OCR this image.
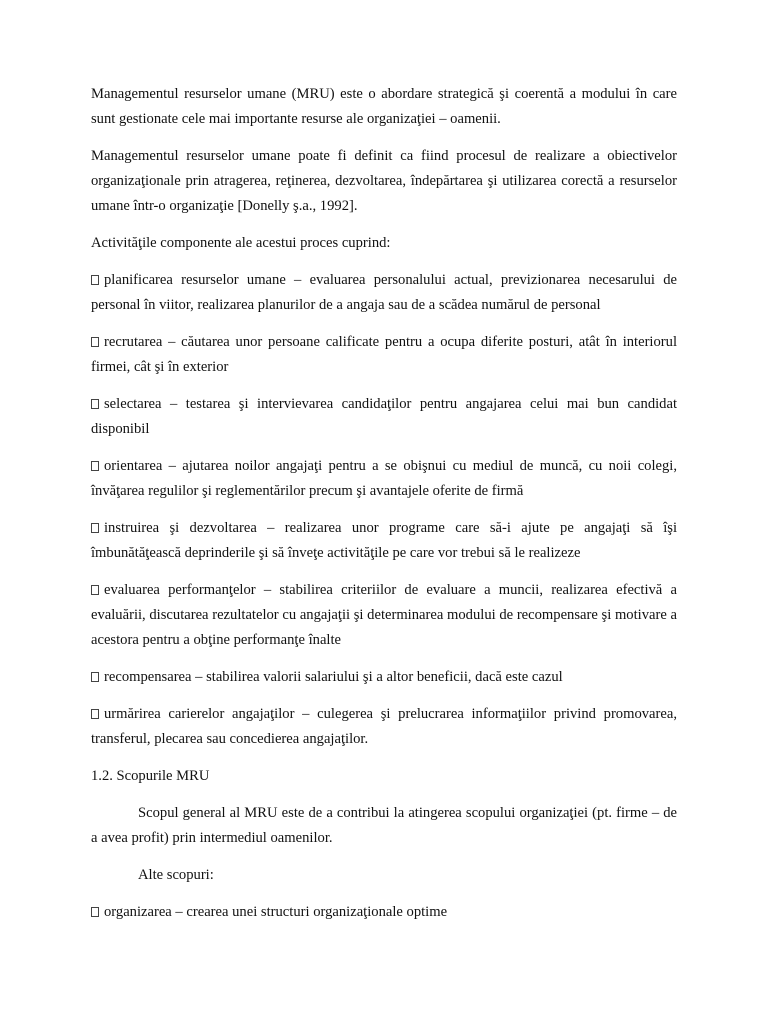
Managementul resurselor umane (MRU) este o abordare strategică şi coerentă a modului în care sunt gestionate cele mai importante resurse ale organizaţiei – oamenii.

Managementul resurselor umane poate fi definit ca fiind procesul de realizare a obiectivelor organizaţionale prin atragerea, reţinerea, dezvoltarea, îndepărtarea şi utilizarea corectă a resurselor umane într-o organizaţie [Donelly ş.a., 1992].

Activităţile componente ale acestui proces cuprind:

planificarea resurselor umane – evaluarea personalului actual, previzionarea necesarului de personal în viitor, realizarea planurilor de a angaja sau de a scădea numărul de personal

recrutarea – căutarea unor persoane calificate pentru a ocupa diferite posturi, atât în interiorul firmei, cât şi în exterior

selectarea – testarea şi intervievarea candidaţilor pentru angajarea celui mai bun candidat disponibil

orientarea – ajutarea noilor angajaţi pentru a se obişnui cu mediul de muncă, cu noii colegi, învăţarea regulilor şi reglementărilor precum şi avantajele oferite de firmă

instruirea şi dezvoltarea – realizarea unor programe care să-i ajute pe angajaţi să îşi îmbunătăţească deprinderile şi să înveţe activităţile pe care vor trebui să le realizeze

evaluarea performanţelor – stabilirea criteriilor de evaluare a muncii, realizarea efectivă a evaluării, discutarea rezultatelor cu angajaţii şi determinarea modului de recompensare şi motivare a acestora pentru a obţine performanţe înalte

recompensarea – stabilirea valorii salariului şi a altor beneficii, dacă este cazul

urmărirea carierelor angajaţilor – culegerea şi prelucrarea informaţiilor privind promovarea, transferul, plecarea sau concedierea angajaţilor.

1.2. Scopurile MRU

Scopul general al MRU este de a contribui la atingerea scopului organizaţiei (pt. firme – de a avea profit) prin intermediul oamenilor.

Alte scopuri:

organizarea – crearea unei structuri organizaţionale optime
